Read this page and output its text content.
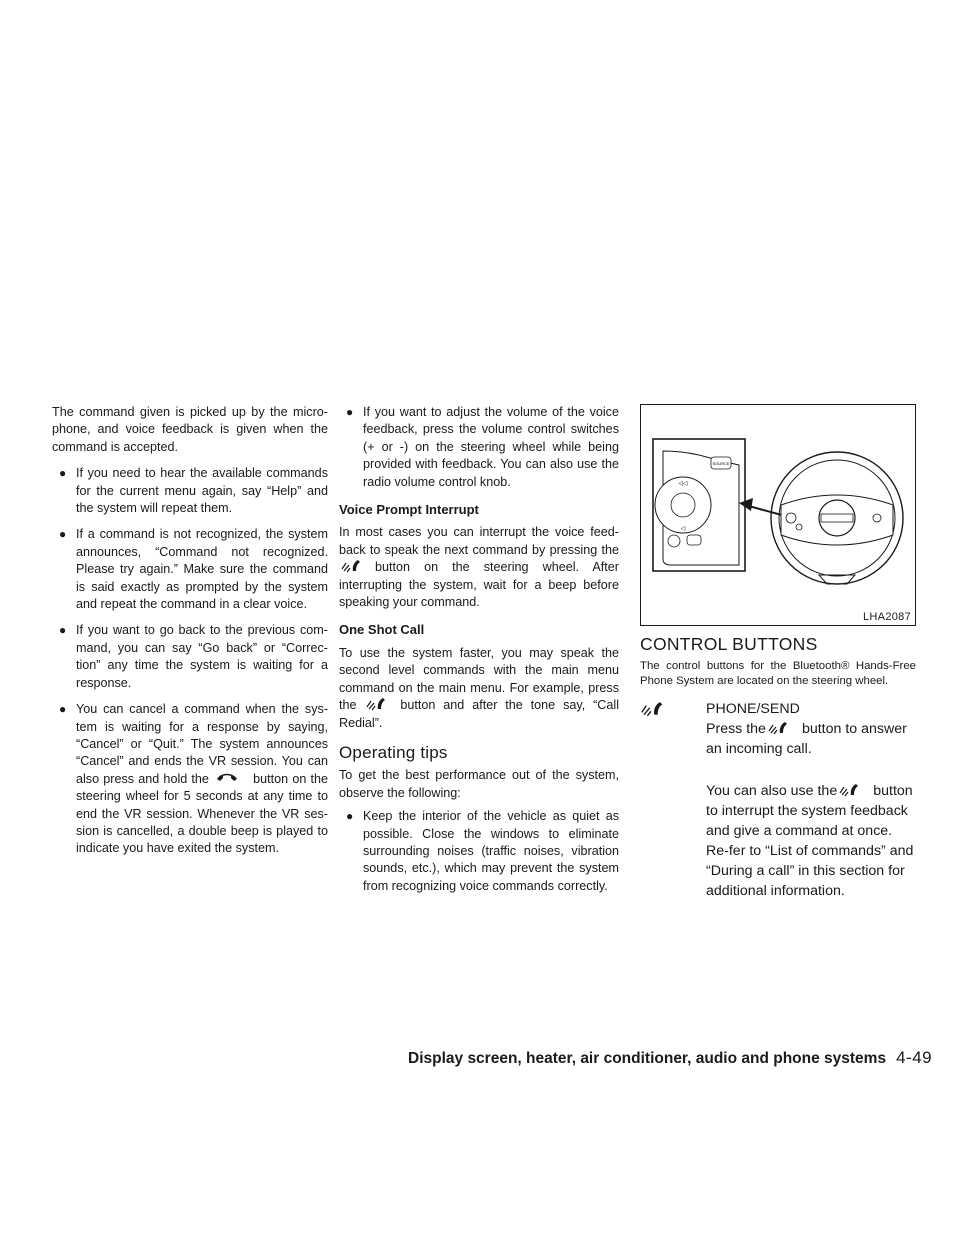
The command given is picked up by the micro-phone, and voice feedback is given when the command is accepted.

● If you need to hear the available commands for the current menu again, say “Help” and the system will repeat them.
● If a command is not recognized, the system announces, “Command not recognized. Please try again.” Make sure the command is said exactly as prompted by the system and repeat the command in a clear voice.
● If you want to go back to the previous com-mand, you can say “Go back” or “Correc-tion” any time the system is waiting for a response.
● You can cancel a command when the sys-tem is waiting for a response by saying, “Cancel” or “Quit.” The system announces “Cancel” and ends the VR session. You can also press and hold the	button on the steering wheel for 5 seconds at any time to end the VR session. Whenever the VR ses-sion is cancelled, a double beep is played to indicate you have exited the system.
● If you want to adjust the volume of the voice feedback, press the volume control switches (+ or -) on the steering wheel while being provided with feedback. You can also use the radio volume control knob.
Voice Prompt Interrupt

In most cases you can interrupt the voice feed-back to speak the next command by pressing the button on the steering wheel. After interrupting the system, wait for a beep before speaking your command.

One Shot Call

To use the system faster, you may speak the second level commands with the main menu command on the main menu. For example, press the	button and after the tone say, “Call Redial”.

Operating tips

To get the best performance out of the system, observe the following:

● Keep the interior of the vehicle as quiet as possible. Close the windows to eliminate surrounding noises (traffic noises, vibration sounds, etc.), which may prevent the system from recognizing voice commands correctly.
SOURCE
◁◁
◁
LHA2087
CONTROL BUTTONS

The control buttons for the Bluetooth® Hands-Free Phone System are located on the steering wheel.

PHONE/SEND

Press the	button to answer an incoming call.

You can also use the	button to interrupt the system feedback and give a command at once. Re-fer to “List of commands” and “During a call” in this section for additional information.

Display screen, heater, air conditioner, audio and phone systems 4-49
